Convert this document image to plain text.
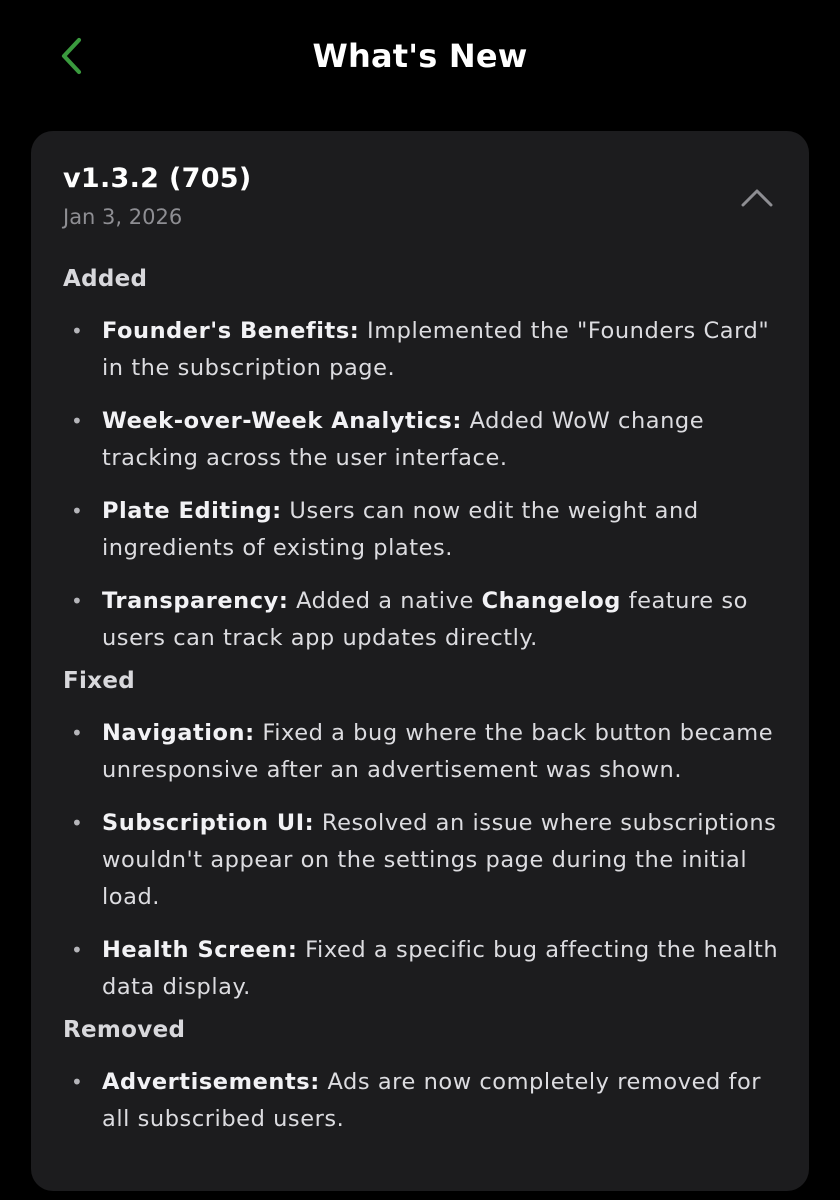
What's New
v1.3.2 (705)
Jan 3, 2026
Added
• Founder's Benefits: Implemented the "Founders Card" in the subscription page.
• Week-over-Week Analytics: Added WoW change tracking across the user interface.
• Plate Editing: Users can now edit the weight and ingredients of existing plates.
• Transparency: Added a native Changelog feature so users can track app updates directly.
Fixed
• Navigation: Fixed a bug where the back button became unresponsive after an advertisement was shown.
• Subscription UI: Resolved an issue where subscriptions wouldn't appear on the settings page during the initial load.
• Health Screen: Fixed a specific bug affecting the health data display.
Removed
• Advertisements: Ads are now completely removed for all subscribed users.
